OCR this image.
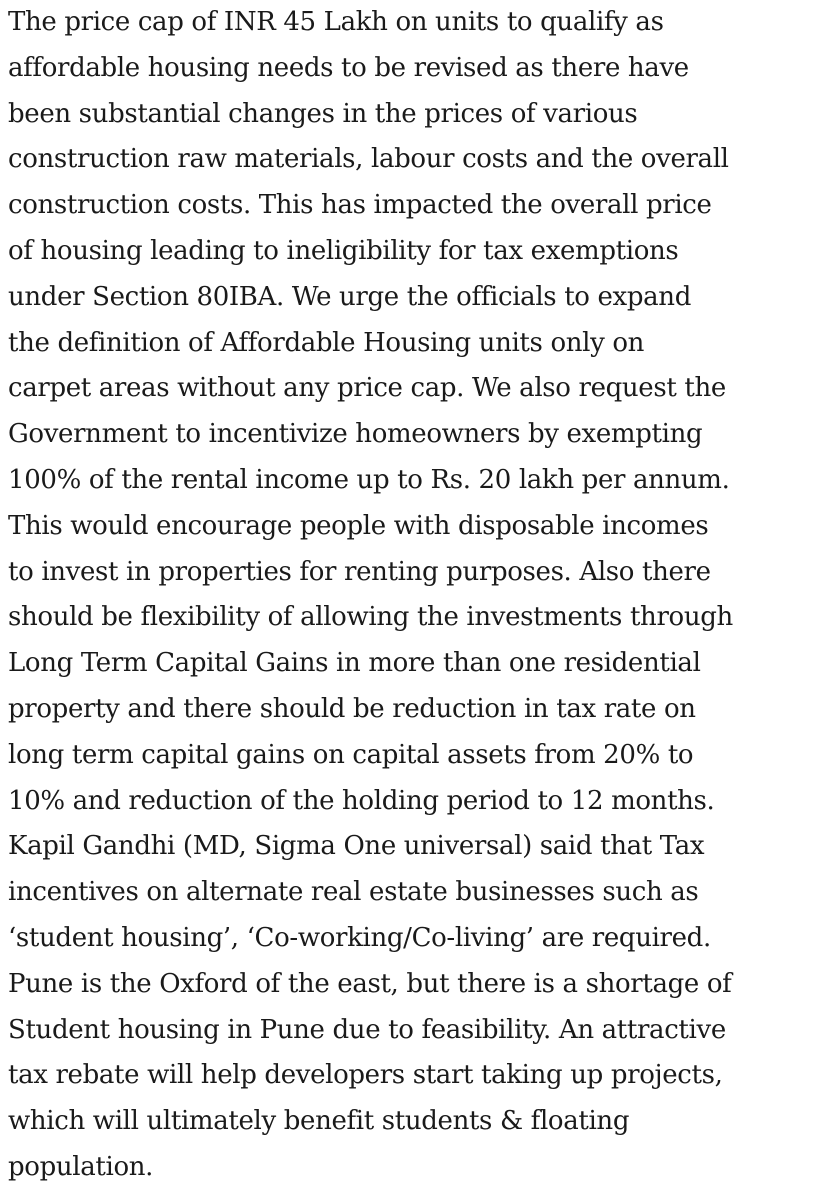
The price cap of INR 45 Lakh on units to qualify as
affordable housing needs to be revised as there have
been substantial changes in the prices of various
construction raw materials, labour costs and the overall
construction costs. This has impacted the overall price
of housing leading to ineligibility for tax exemptions
under Section 80IBA. We urge the officials to expand
the definition of Affordable Housing units only on
carpet areas without any price cap. We also request the
Government to incentivize homeowners by exempting
100% of the rental income up to Rs. 20 lakh per annum.
This would encourage people with disposable incomes
to invest in properties for renting purposes. Also there
should be flexibility of allowing the investments through
Long Term Capital Gains in more than one residential
property and there should be reduction in tax rate on
long term capital gains on capital assets from 20% to
10% and reduction of the holding period to 12 months.
Kapil Gandhi (MD, Sigma One universal) said that Tax
incentives on alternate real estate businesses such as
‘student housing’, ‘Co-working/Co-living’ are required.
Pune is the Oxford of the east, but there is a shortage of
Student housing in Pune due to feasibility. An attractive
tax rebate will help developers start taking up projects,
which will ultimately benefit students & floating
population.
